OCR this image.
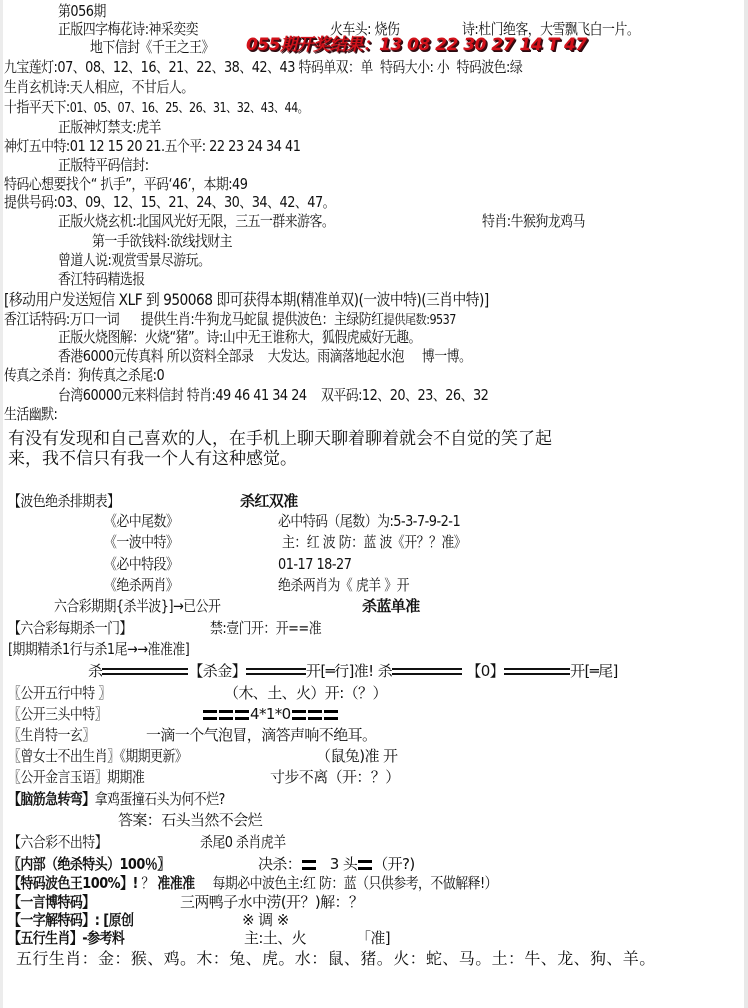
第056期
正版四字梅花诗:神采奕奕	火车头: 烧伤	诗:杜门绝客，大雪飘飞白一片。
地下信封《千王之王》 055期开奖结果：13 08 22 30 27 14 T 47
九宝莲灯:07、08、12、16、21、22、38、42、43 特码单双：单 特码大小: 小 特码波色:绿
生肖玄机诗:天人相应，不甘后人。
十指平天下:01、05、07、16、25、26、31、32、43、44。
正版神灯禁支:虎羊
神灯五中特:01 12 15 20 21.五个平: 22 23 24 34 41
正版特平码信封:
特码心想要找个“ 扒手”，平码‘46’，本期:49
提供号码:03、09、12、15、21、24、30、34、42、47。
正版火烧玄机:北国风光好无限，三五一群来游客。	特肖:牛猴狗龙鸡马
第一手欲钱料:欲线找财主
曾道人说:观赏雪景尽游玩。
香江特码精选报
[移动用户发送短信 XLF 到 950068 即可获得本期(精准单双)(一波中特)(三肖中特)]
香江话特码:万口一词 提供生肖:牛狗龙马蛇鼠 提供波色：主绿防红提供尾数:9537
正版火烧图解：火烧“猪”。诗:山中无王谁称大，狐假虎威好无趣。
香港6000元传真料 所以资料全部录 大发达。雨滴落地起水泡 博一博。
传真之杀肖：狗传真之杀尾:0
台湾60000元来料信封 特肖:49 46 41 34 24 双平码:12、20、23、26、32
生活幽默:
有没有发现和自己喜欢的人，在手机上聊天聊着聊着就会不自觉的笑了起
来，我不信只有我一个人有这种感觉。
【波色绝杀排期表】	杀红双准
《必中尾数》	必中特码（尾数）为:5-3-7-9-2-1
《一波中特》	主：红 波 防：蓝 波《开？？准》
《必中特段》	01-17 18-27
《绝杀两肖》	绝杀两肖为《 虎羊 》开
六合彩期期{杀半波}]→已公开	杀蓝单准
【六合彩每期杀一门】	禁:壹门开：开==准
[期期精杀1行与杀1尾→→准准准]
杀	【杀金】	开[═行]准! 杀	【0】	开[═尾]
〖公开五行中特 〗	（木、土、火）开:（？）
〖公开三头中特〗	4*1*0
〖生肖特一玄〗	一滴一个气泡冒，滴答声响不绝耳。
〖曾女士不出生肖〗《期期更新》	（鼠兔)准 开
〖公开金言玉语〗期期准	寸步不离（开：？）
【脑筋急转弯】拿鸡蛋撞石头为何不烂?
答案：石头当然不会烂
【六合彩不出特】	杀尾0 杀肖虎羊
〖内部（绝杀特头）100％〗	决杀： 3 头 （开?)
【特码波色王100%】! ？ 准准准 每期必中波色主:红 防：蓝（只供参考，不做解释!）
【一言博特码】	三两鸭子水中涝(开？)解：？
【一字解特码】: [原创	※ 调 ※
【五行生肖】-参考料	主:土、火	「准]
五行生肖：金：猴、鸡。木：兔、虎。水：鼠、猪。火：蛇、马。土：牛、龙、狗、羊。
